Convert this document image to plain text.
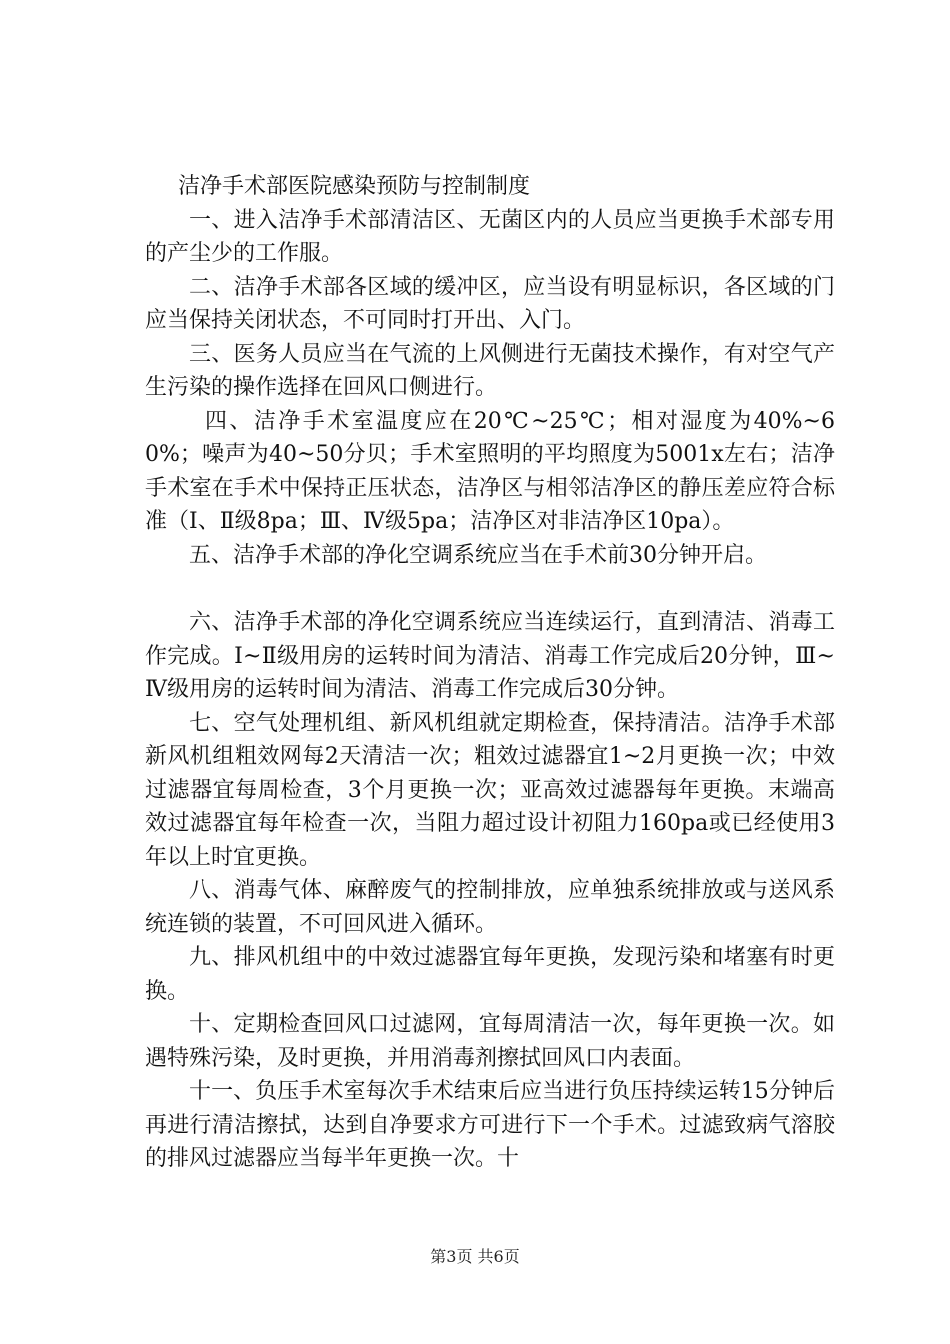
洁净手术部医院感染预防与控制制度

一、进入洁净手术部清洁区、无菌区内的人员应当更换手术部专用的产尘少的工作服。

二、洁净手术部各区域的缓冲区，应当设有明显标识，各区域的门应当保持关闭状态，不可同时打开出、入门。

三、医务人员应当在气流的上风侧进行无菌技术操作，有对空气产生污染的操作选择在回风口侧进行。

四、洁净手术室温度应在20℃~25℃；相对湿度为40%~60%；噪声为40~50分贝；手术室照明的平均照度为5001x左右；洁净手术室在手术中保持正压状态，洁净区与相邻洁净区的静压差应符合标准（Ⅰ、Ⅱ级8pa；Ⅲ、Ⅳ级5pa；洁净区对非洁净区10pa）。

五、洁净手术部的净化空调系统应当在手术前30分钟开启。

六、洁净手术部的净化空调系统应当连续运行，直到清洁、消毒工作完成。Ⅰ~Ⅱ级用房的运转时间为清洁、消毒工作完成后20分钟，Ⅲ~Ⅳ级用房的运转时间为清洁、消毒工作完成后30分钟。

七、空气处理机组、新风机组就定期检查，保持清洁。洁净手术部新风机组粗效网每2天清洁一次；粗效过滤器宜1~2月更换一次；中效过滤器宜每周检查，3个月更换一次；亚高效过滤器每年更换。末端高效过滤器宜每年检查一次，当阻力超过设计初阻力160pa或已经使用3年以上时宜更换。

八、消毒气体、麻醉废气的控制排放，应单独系统排放或与送风系统连锁的装置，不可回风进入循环。

九、排风机组中的中效过滤器宜每年更换，发现污染和堵塞有时更换。

十、定期检查回风口过滤网，宜每周清洁一次，每年更换一次。如遇特殊污染，及时更换，并用消毒剂擦拭回风口内表面。

十一、负压手术室每次手术结束后应当进行负压持续运转15分钟后再进行清洁擦拭，达到自净要求方可进行下一个手术。过滤致病气溶胶的排风过滤器应当每半年更换一次。十

第3页 共6页
